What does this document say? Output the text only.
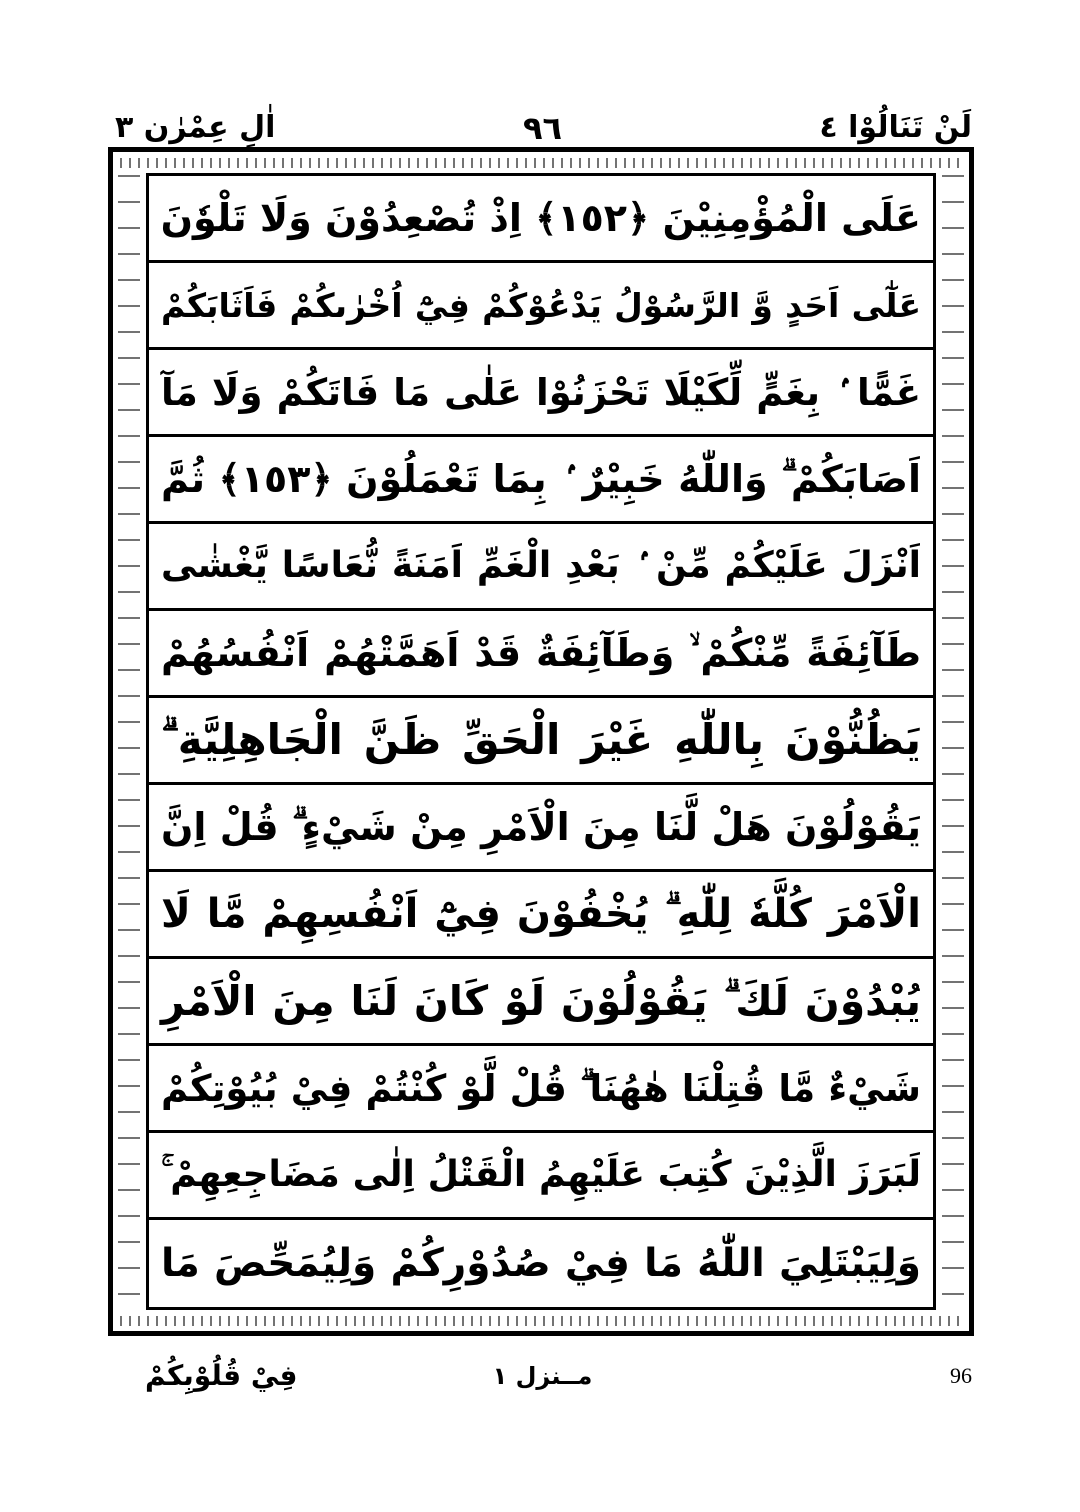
اٰلِ عِمْرٰن ٣	٩٦	لَنْ تَنَالُوْا ٤
عَلَى الْمُؤْمِنِيْنَ ﴿١٥٢﴾ اِذْ تُصْعِدُوْنَ وَلَا تَلْوٗنَ
عَلٰٓى اَحَدٍ وَّ الرَّسُوْلُ يَدْعُوْكُمْ فِيْٓ اُخْرٰىكُمْ فَاَثَابَكُمْ
غَمًّا ۢ بِغَمٍّ لِّكَيْلَا تَحْزَنُوْا عَلٰى مَا فَاتَكُمْ وَلَا مَآ
اَصَابَكُمْ ۗ وَاللّٰهُ خَبِيْرٌ ۢ بِمَا تَعْمَلُوْنَ ﴿١٥٣﴾ ثُمَّ
اَنْزَلَ عَلَيْكُمْ مِّنْ ۢ بَعْدِ الْغَمِّ اَمَنَةً نُّعَاسًا يَّغْشٰى
طَآئِفَةً مِّنْكُمْ ۙ وَطَآئِفَةٌ قَدْ اَهَمَّتْهُمْ اَنْفُسُهُمْ
يَظُنُّوْنَ بِاللّٰهِ غَيْرَ الْحَقِّ ظَنَّ الْجَاهِلِيَّةِ ۗ
يَقُوْلُوْنَ هَلْ لَّنَا مِنَ الْاَمْرِ مِنْ شَيْءٍ ۗ قُلْ اِنَّ
الْاَمْرَ كُلَّهٗ لِلّٰهِ ۗ يُخْفُوْنَ فِيْٓ اَنْفُسِهِمْ مَّا لَا
يُبْدُوْنَ لَكَ ۗ يَقُوْلُوْنَ لَوْ كَانَ لَنَا مِنَ الْاَمْرِ
شَيْءٌ مَّا قُتِلْنَا هٰهُنَا ۗ قُلْ لَّوْ كُنْتُمْ فِيْ بُيُوْتِكُمْ
لَبَرَزَ الَّذِيْنَ كُتِبَ عَلَيْهِمُ الْقَتْلُ اِلٰى مَضَاجِعِهِمْ ۚ
وَلِيَبْتَلِيَ اللّٰهُ مَا فِيْ صُدُوْرِكُمْ وَلِيُمَحِّصَ مَا
فِيْ قُلُوْبِكُمْ	مــنزل ١	96
